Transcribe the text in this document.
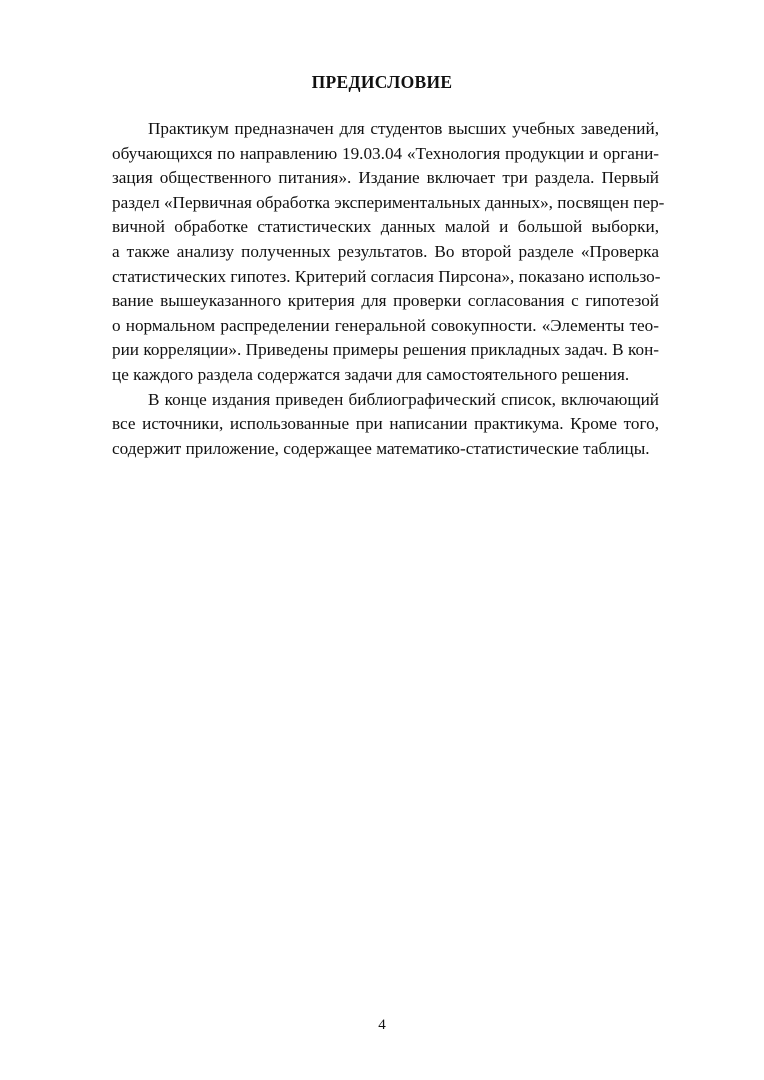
ПРЕДИСЛОВИЕ
Практикум предназначен для студентов высших учебных заведений,
обучающихся по направлению 19.03.04 «Технология продукции и органи-
зация общественного питания». Издание включает три раздела. Первый
раздел «Первичная обработка экспериментальных данных», посвящен пер-
вичной обработке статистических данных малой и большой выборки,
а также анализу полученных результатов. Во второй разделе «Проверка
статистических гипотез. Критерий согласия Пирсона», показано использо-
вание вышеуказанного критерия для проверки согласования с гипотезой
о нормальном распределении генеральной совокупности. «Элементы тео-
рии корреляции». Приведены примеры решения прикладных задач. В кон-
це каждого раздела содержатся задачи для самостоятельного решения.
В конце издания приведен библиографический список, включающий
все источники, использованные при написании практикума. Кроме того,
содержит приложение, содержащее математико-статистические таблицы.
4
